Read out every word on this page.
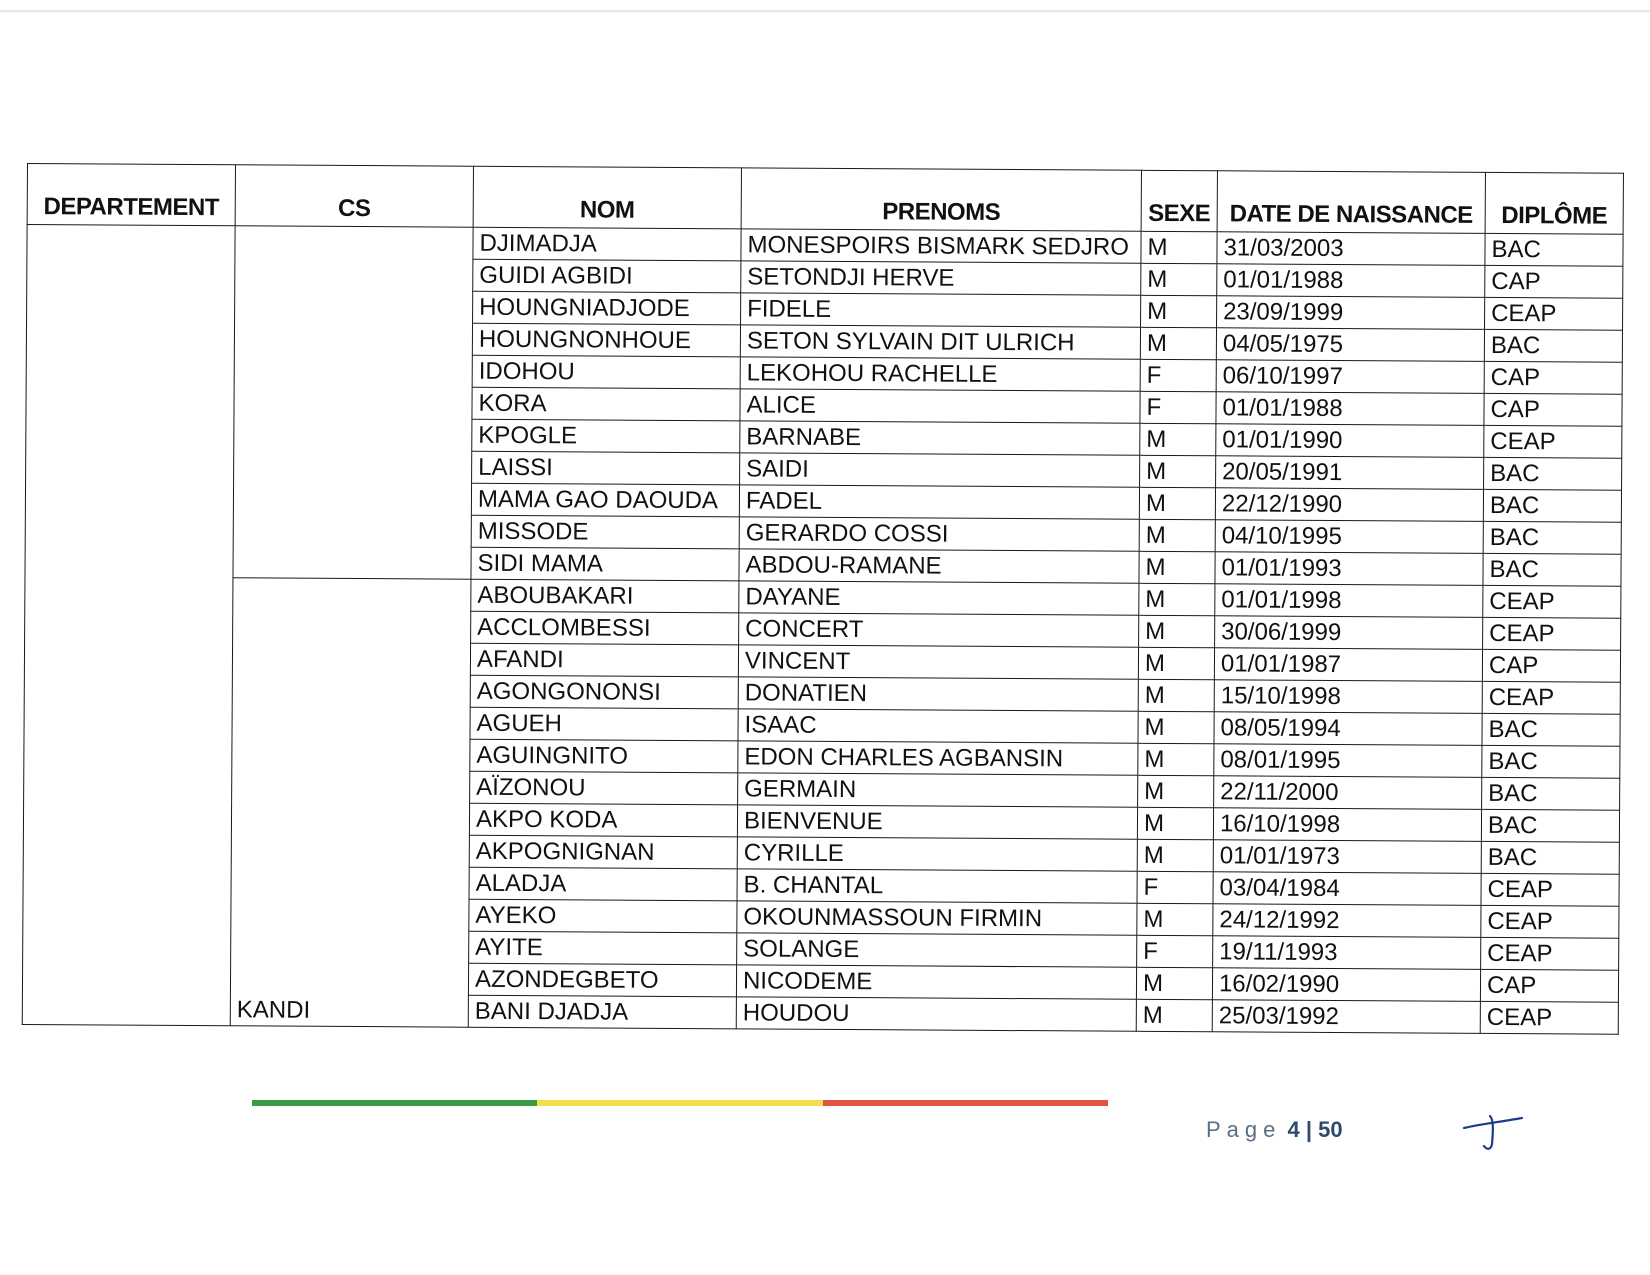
DEPARTEMENT	CS	NOM	PRENOMS	SEXE	DATE DE NAISSANCE	DIPLÔME
		DJIMADJA	MONESPOIRS BISMARK SEDJRO	M	31/03/2003	BAC
		GUIDI AGBIDI	SETONDJI HERVE	M	01/01/1988	CAP
		HOUNGNIADJODE	FIDELE	M	23/09/1999	CEAP
		HOUNGNONHOUE	SETON SYLVAIN DIT ULRICH	M	04/05/1975	BAC
		IDOHOU	LEKOHOU RACHELLE	F	06/10/1997	CAP
		KORA	ALICE	F	01/01/1988	CAP
		KPOGLE	BARNABE	M	01/01/1990	CEAP
		LAISSI	SAIDI	M	20/05/1991	BAC
		MAMA GAO DAOUDA	FADEL	M	22/12/1990	BAC
		MISSODE	GERARDO COSSI	M	04/10/1995	BAC
		SIDI MAMA	ABDOU-RAMANE	M	01/01/1993	BAC
	KANDI	ABOUBAKARI	DAYANE	M	01/01/1998	CEAP
		ACCLOMBESSI	CONCERT	M	30/06/1999	CEAP
		AFANDI	VINCENT	M	01/01/1987	CAP
		AGONGONONSI	DONATIEN	M	15/10/1998	CEAP
		AGUEH	ISAAC	M	08/05/1994	BAC
		AGUINGNITO	EDON CHARLES AGBANSIN	M	08/01/1995	BAC
		AÏZONOU	GERMAIN	M	22/11/2000	BAC
		AKPO KODA	BIENVENUE	M	16/10/1998	BAC
		AKPOGNIGNAN	CYRILLE	M	01/01/1973	BAC
		ALADJA	B. CHANTAL	F	03/04/1984	CEAP
		AYEKO	OKOUNMASSOUN FIRMIN	M	24/12/1992	CEAP
		AYITE	SOLANGE	F	19/11/1993	CEAP
		AZONDEGBETO	NICODEME	M	16/02/1990	CAP
		BANI DJADJA	HOUDOU	M	25/03/1992	CEAP
Page 4 | 50
